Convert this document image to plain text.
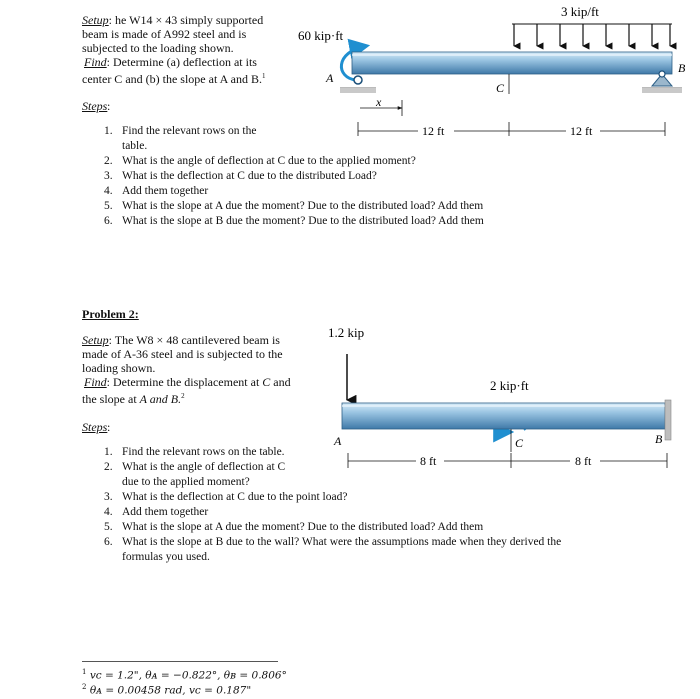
Setup: he W14 × 43 simply supported
beam is made of A992 steel and is
subjected to the loading shown.
Find: Determine (a) deflection at its
center C and (b) the slope at A and B.$^1$
Steps :
1. Find the relevant rows on the
table.
2. What is the angle of deflection at C due to the applied moment?
3. What is the deflection at C due to the distributed Load?
4. Add them together
5. What is the slope at A due the moment? Due to the distributed load? Add them
6. What is the slope at B due the moment? Due to the distributed load? Add them
3 kip/ft
60 kip·ft
A
B
C
x
12 ft	12 ft
Problem 2:
Setup: The W8 × 48 cantilevered beam is
made of A-36 steel and is subjected to the
loading shown.
Find: Determine the displacement at C and
the slope at A and B.$^2$
Steps :
1. Find the relevant rows on the table.
2. What is the angle of deflection at C
due to the applied moment?
3. What is the deflection at C due to the point load?
4. Add them together
5. What is the slope at A due the moment? Due to the distributed load? Add them
6. What is the slope at B due to the wall? What were the assumptions made when they derived the
formulas you used.
1.2 kip
2 kip·ft
B
A	C
8 ft	8 ft
$^1$ vᴄ = 1.2", θᴀ = −0.822°, θʙ = 0.806°
$^2$ θᴀ = 0.00458 rad, vᴄ = 0.187"
